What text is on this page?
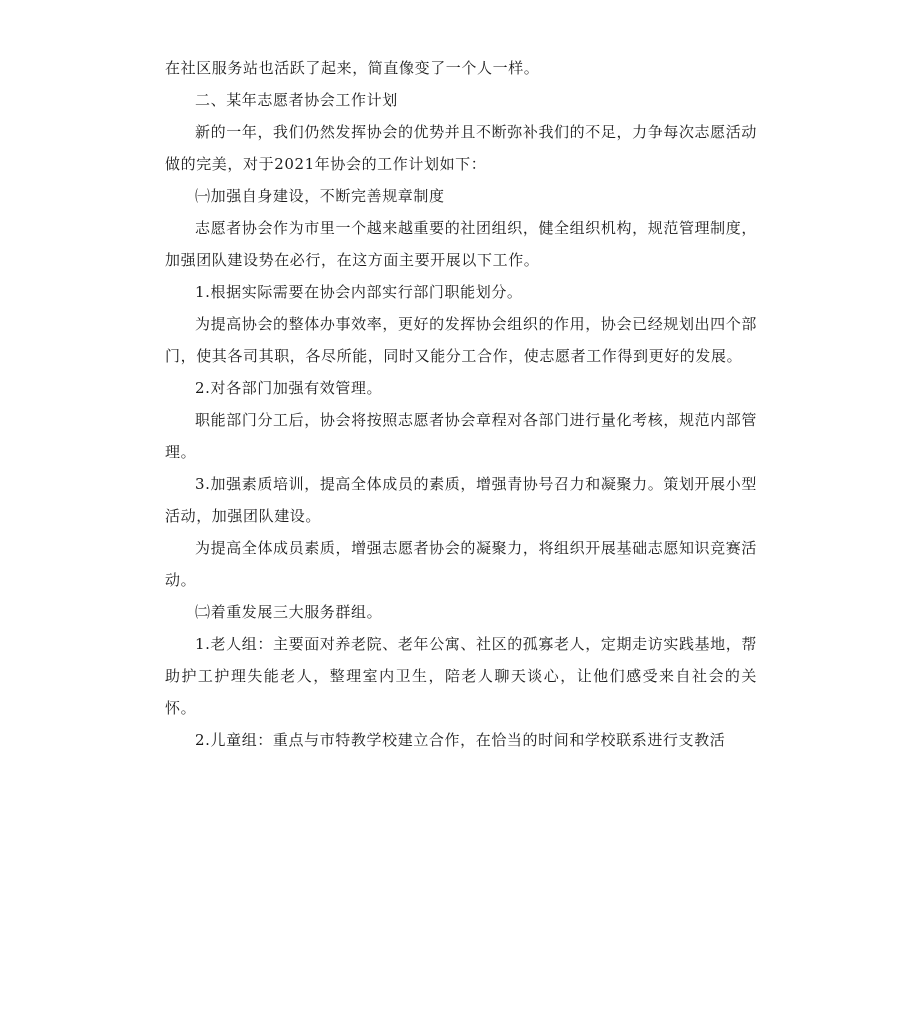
在社区服务站也活跃了起来，简直像变了一个人一样。

二、某年志愿者协会工作计划

新的一年，我们仍然发挥协会的优势并且不断弥补我们的不足，力争每次志愿活动做的完美，对于2021年协会的工作计划如下：

㈠加强自身建设，不断完善规章制度

志愿者协会作为市里一个越来越重要的社团组织，健全组织机构，规范管理制度，加强团队建设势在必行，在这方面主要开展以下工作。

1.根据实际需要在协会内部实行部门职能划分。

为提高协会的整体办事效率，更好的发挥协会组织的作用，协会已经规划出四个部门，使其各司其职，各尽所能，同时又能分工合作，使志愿者工作得到更好的发展。

2.对各部门加强有效管理。

职能部门分工后，协会将按照志愿者协会章程对各部门进行量化考核，规范内部管理。

3.加强素质培训，提高全体成员的素质，增强青协号召力和凝聚力。策划开展小型活动，加强团队建设。

为提高全体成员素质，增强志愿者协会的凝聚力，将组织开展基础志愿知识竞赛活动。

㈡着重发展三大服务群组。

1.老人组：主要面对养老院、老年公寓、社区的孤寡老人，定期走访实践基地，帮助护工护理失能老人，整理室内卫生，陪老人聊天谈心，让他们感受来自社会的关怀。

2.儿童组：重点与市特教学校建立合作，在恰当的时间和学校联系进行支教活
